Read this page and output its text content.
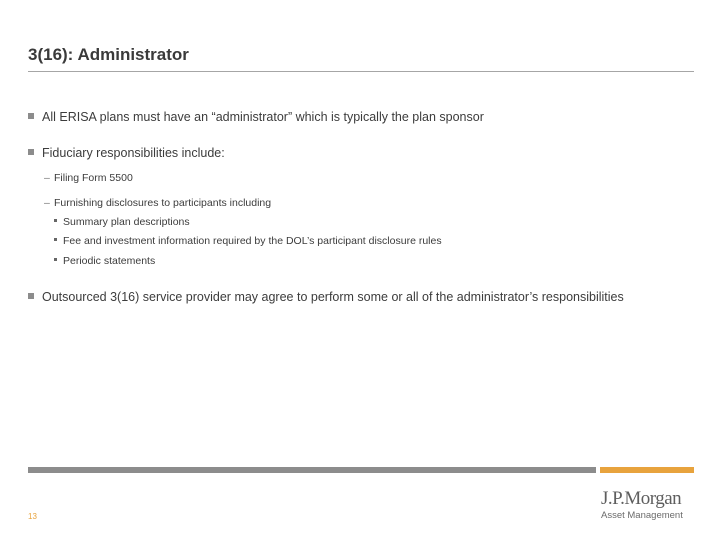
3(16): Administrator
All ERISA plans must have an “administrator” which is typically the plan sponsor
Fiduciary responsibilities include:
– Filing Form 5500
– Furnishing disclosures to participants including
Summary plan descriptions
Fee and investment information required by the DOL’s participant disclosure rules
Periodic statements
Outsourced 3(16) service provider may agree to perform some or all of the administrator’s responsibilities
13
J.P.Morgan
Asset Management
